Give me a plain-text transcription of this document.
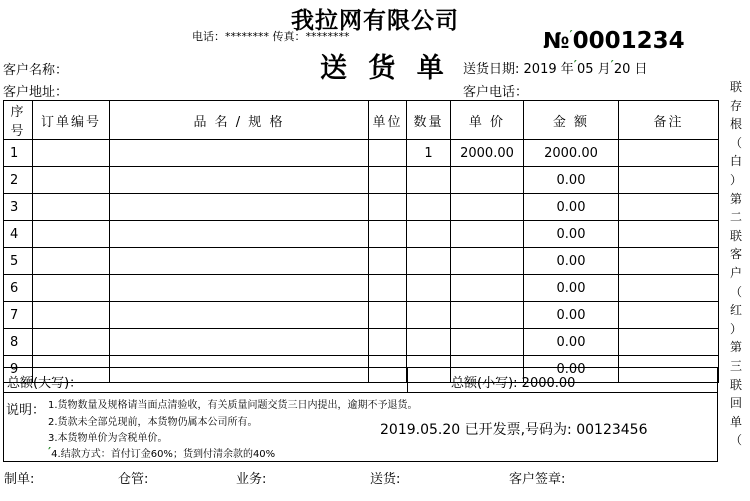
我拉网有限公司
电话：******** 传真：********	№′0001234
送 货 单
客户名称：
客户地址：
送货日期: 2019 年′05 月′20 日
客户电话：
序号	订单编号	品 名 / 规 格	单位	数量	单 价	金 额	备注
1				1	2000.00	2000.00	
2						0.00	
3						0.00	
4						0.00	
5						0.00	
6						0.00	
7						0.00	
8						0.00	
9						0.00	
总额(大写)：	总额(小写): 2000.00
说明： 1.货物数量及规格请当面点清验收，有关质量问题交货三日内提出，逾期不予退货。
2.货款未全部兑现前，本货物仍属本公司所有。
3.本货物单价为含税单价。
′4.结款方式：首付订金60%；货到付清余款的40%
2019.05.20 已开发票,号码为: 00123456
制单:	仓管:	业务:	送货:	客户签章:
联
存
根
（
白
）
第
二
联
客
户
（
红
）
第
三
联
回
单
（
